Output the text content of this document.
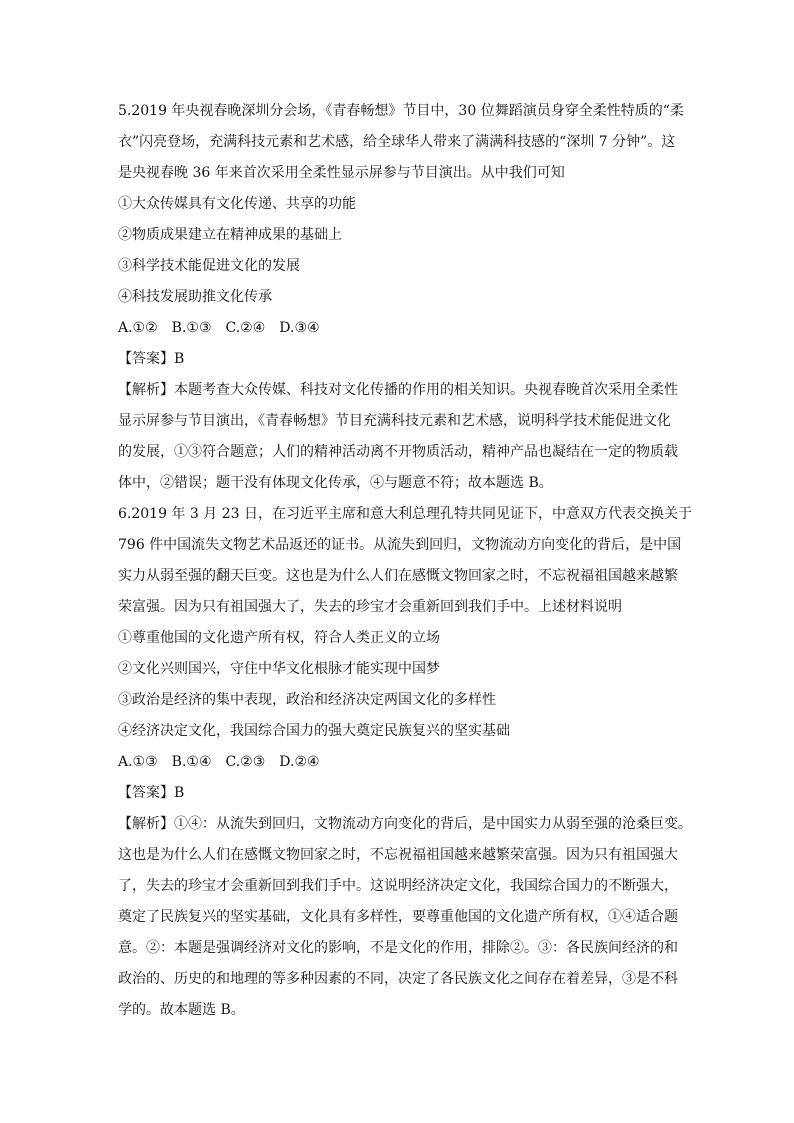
5.2019 年央视春晚深圳分会场，《青春畅想》节目中，30 位舞蹈演员身穿全柔性特质的“柔
衣”闪亮登场，充满科技元素和艺术感，给全球华人带来了满满科技感的“深圳 7 分钟”。这
是央视春晚 36 年来首次采用全柔性显示屏参与节目演出。从中我们可知
①大众传媒具有文化传递、共享的功能
②物质成果建立在精神成果的基础上
③科学技术能促进文化的发展
④科技发展助推文化传承
A.①②　B.①③　C.②④　D.③④
【答案】B
【解析】本题考查大众传媒、科技对文化传播的作用的相关知识。央视春晚首次采用全柔性
显示屏参与节目演出，《青春畅想》节目充满科技元素和艺术感，说明科学技术能促进文化
的发展，①③符合题意；人们的精神活动离不开物质活动，精神产品也凝结在一定的物质载
体中，②错误；题干没有体现文化传承，④与题意不符；故本题选 B。
6.2019 年 3 月 23 日，在习近平主席和意大利总理孔特共同见证下，中意双方代表交换关于
796 件中国流失文物艺术品返还的证书。从流失到回归，文物流动方向变化的背后，是中国
实力从弱至强的翻天巨变。这也是为什么人们在感慨文物回家之时，不忘祝福祖国越来越繁
荣富强。因为只有祖国强大了，失去的珍宝才会重新回到我们手中。上述材料说明
①尊重他国的文化遗产所有权，符合人类正义的立场
②文化兴则国兴，守住中华文化根脉才能实现中国梦
③政治是经济的集中表现，政治和经济决定两国文化的多样性
④经济决定文化，我国综合国力的强大奠定民族复兴的坚实基础
A.①③　B.①④　C.②③　D.②④
【答案】B
【解析】①④：从流失到回归，文物流动方向变化的背后，是中国实力从弱至强的沧桑巨变。
这也是为什么人们在感慨文物回家之时，不忘祝福祖国越来越繁荣富强。因为只有祖国强大
了，失去的珍宝才会重新回到我们手中。这说明经济决定文化，我国综合国力的不断强大，
奠定了民族复兴的坚实基础，文化具有多样性，要尊重他国的文化遗产所有权，①④适合题
意。②：本题是强调经济对文化的影响，不是文化的作用，排除②。③：各民族间经济的和
政治的、历史的和地理的等多种因素的不同，决定了各民族文化之间存在着差异，③是不科
学的。故本题选 B。
